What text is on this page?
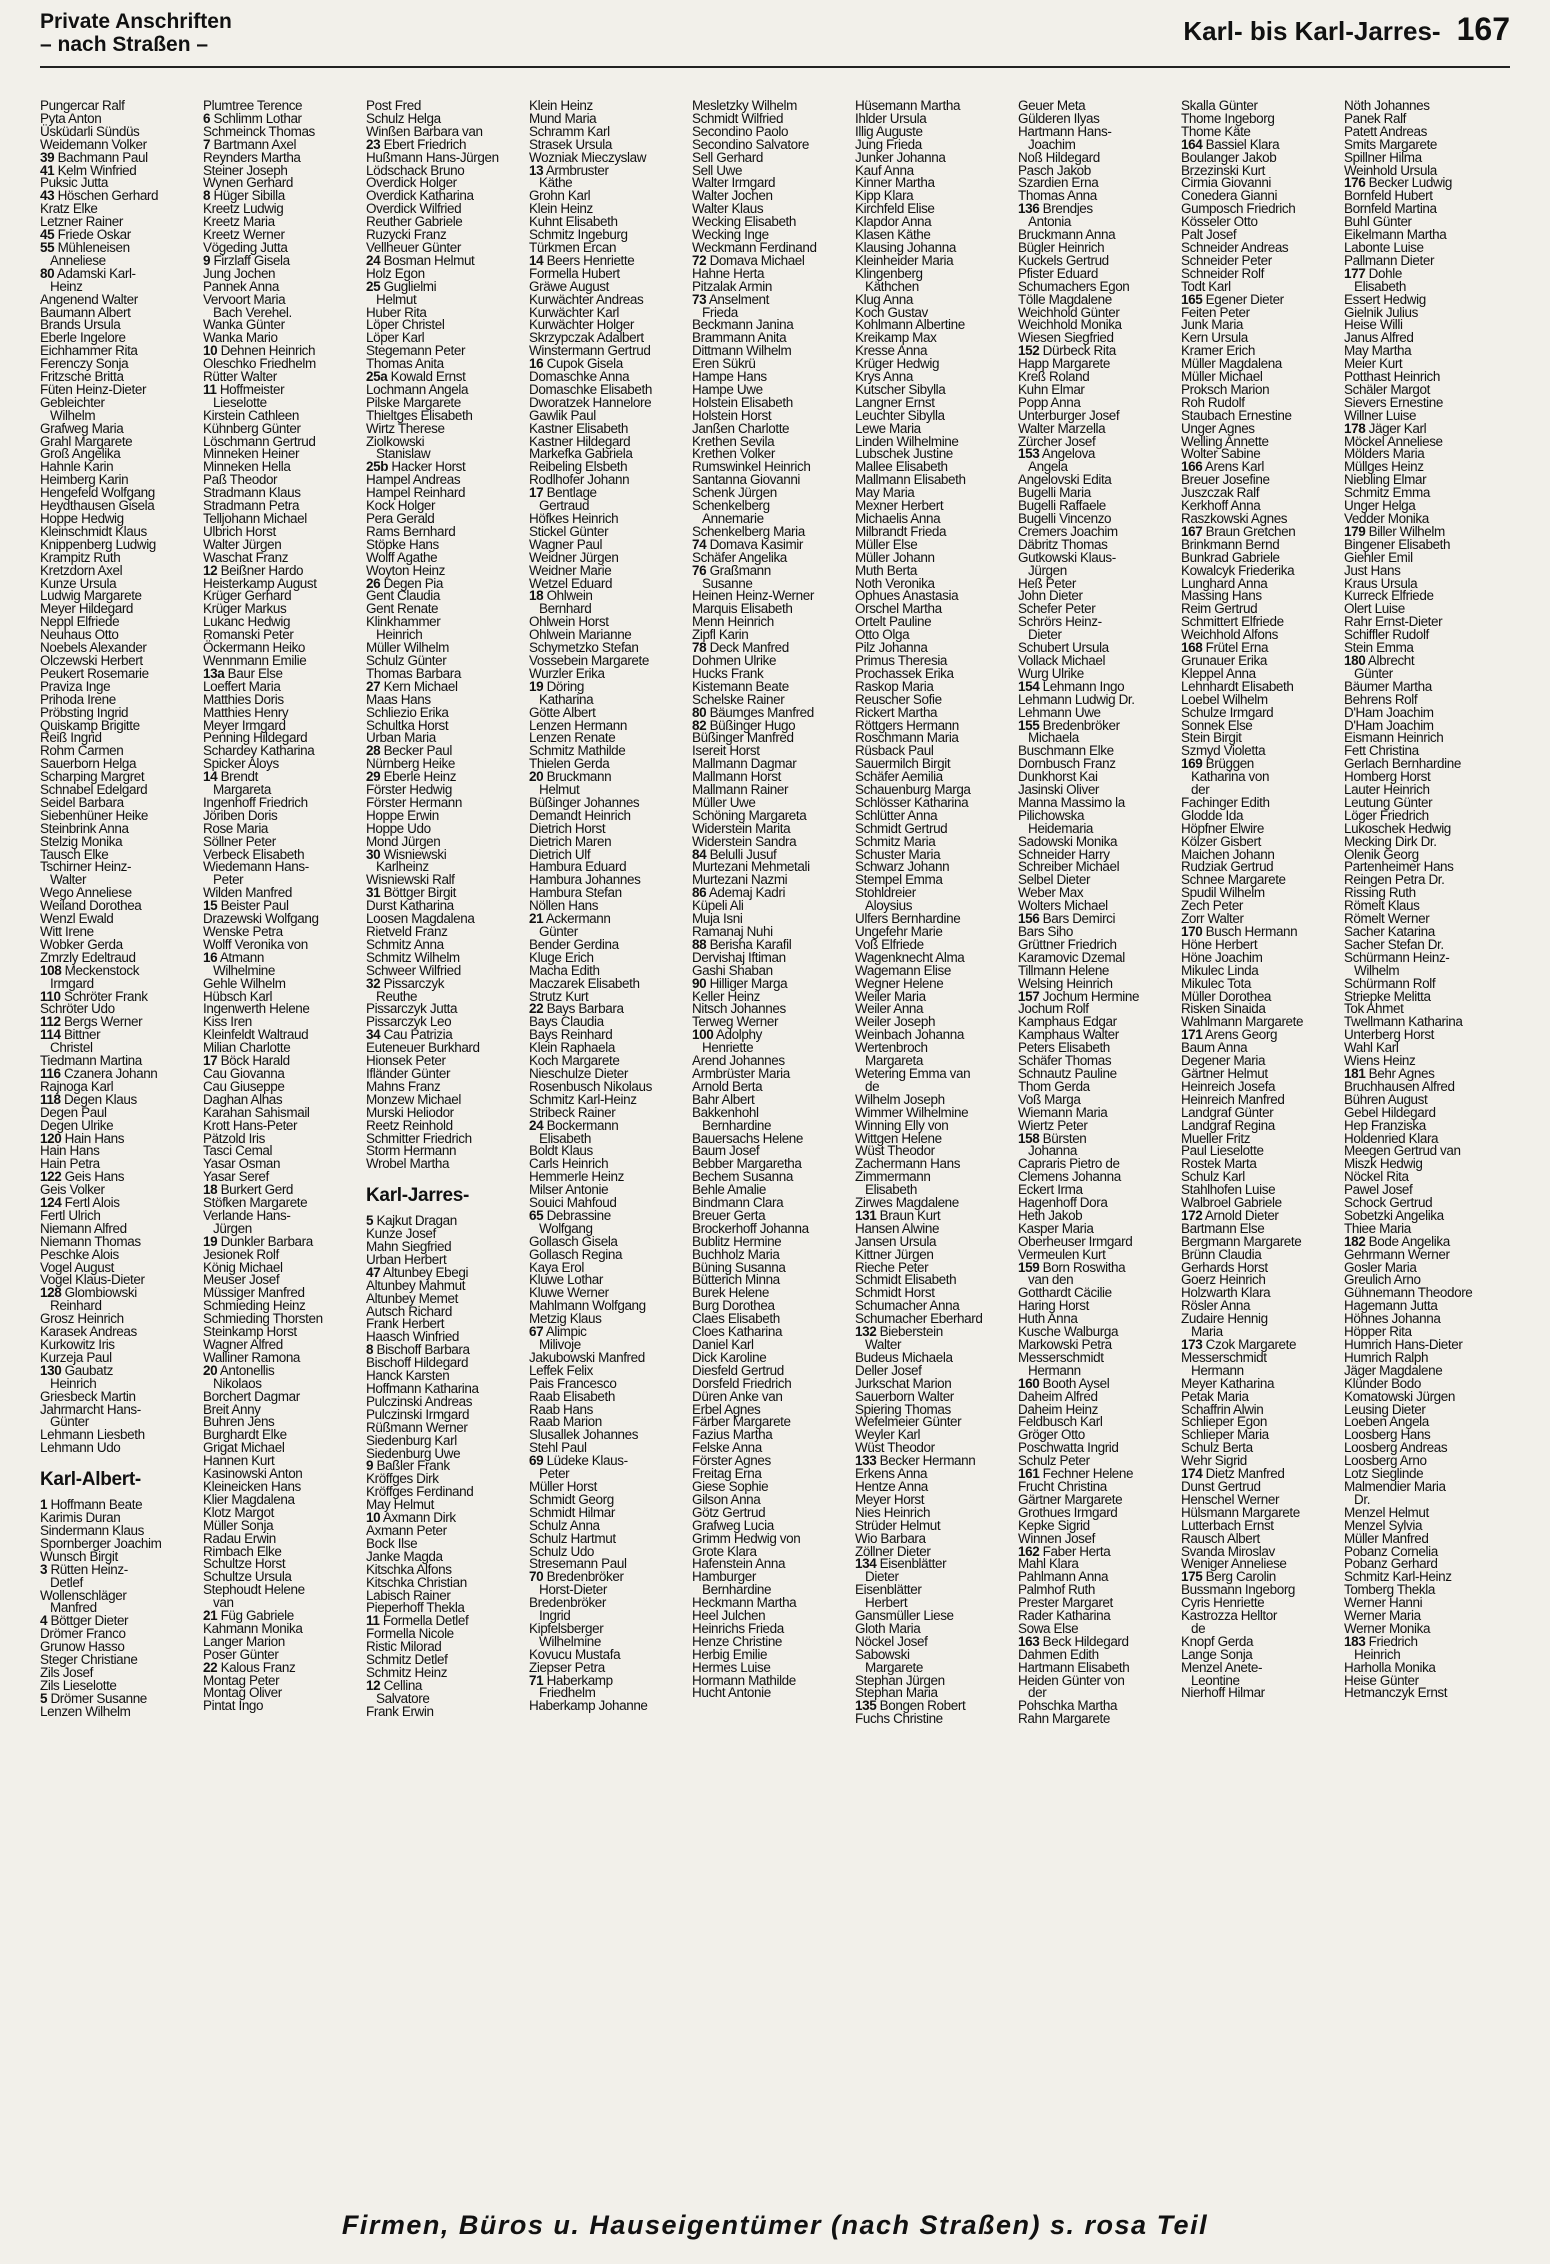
Private Anschriften
– nach Straßen –	Karl- bis Karl-Jarres- 167
Pungercar Ralf
Pyta Anton
Üsküdarli Sündüs
Weidemann Volker
39 Bachmann Paul
41 Kelm Winfried
Puksic Jutta
43 Höschen Gerhard
Kratz Elke
Letzner Rainer
45 Friede Oskar
55 Mühleneisen
Anneliese
80 Adamski Karl-
Heinz
Angenend Walter
Baumann Albert
Brands Ursula
Eberle Ingelore
Eichhammer Rita
Ferenczy Sonja
Fritzsche Britta
Füten Heinz-Dieter
Gebleichter
Wilhelm
Grafweg Maria
Grahl Margarete
Groß Angelika
Hahnle Karin
Heimberg Karin
Hengefeld Wolfgang
Heydthausen Gisela
Hoppe Hedwig
Kleinschmidt Klaus
Knippenberg Ludwig
Krampitz Ruth
Kretzdorn Axel
Kunze Ursula
Ludwig Margarete
Meyer Hildegard
Neppl Elfriede
Neuhaus Otto
Noebels Alexander
Olczewski Herbert
Peukert Rosemarie
Praviza Inge
Prihoda Irene
Pröbsting Ingrid
Quiskamp Brigitte
Reiß Ingrid
Rohm Carmen
Sauerborn Helga
Scharping Margret
Schnabel Edelgard
Seidel Barbara
Siebenhüner Heike
Steinbrink Anna
Stelzig Monika
Tausch Elke
Tschirner Heinz-
Walter
Wego Anneliese
Weiland Dorothea
Wenzl Ewald
Witt Irene
Wobker Gerda
Zmrzly Edeltraud
108 Meckenstock
Irmgard
110 Schröter Frank
Schröter Udo
112 Bergs Werner
114 Bittner
Christel
Tiedmann Martina
116 Czanera Johann
Rajnoga Karl
118 Degen Klaus
Degen Paul
Degen Ulrike
120 Hain Hans
Hain Hans
Hain Petra
122 Geis Hans
Geis Volker
124 Fertl Alois
Fertl Ulrich
Niemann Alfred
Niemann Thomas
Peschke Alois
Vogel August
Vogel Klaus-Dieter
128 Glombiowski
Reinhard
Grosz Heinrich
Karasek Andreas
Kurkowitz Iris
Kurzeja Paul
130 Gaubatz
Heinrich
Griesbeck Martin
Jahrmarcht Hans-
Günter
Lehmann Liesbeth
Lehmann Udo
Karl-Albert-
1 Hoffmann Beate
Karimis Duran
Sindermann Klaus
Spornberger Joachim
Wunsch Birgit
3 Rütten Heinz-
Detlef
Wollenschläger
Manfred
4 Böttger Dieter
Drömer Franco
Grunow Hasso
Steger Christiane
Zils Josef
Zils Lieselotte
5 Drömer Susanne
Lenzen Wilhelm
Plumtree Terence
6 Schlimm Lothar
Schmeinck Thomas
7 Bartmann Axel
Reynders Martha
Steiner Joseph
Wynen Gerhard
8 Hüger Sibilla
Kreetz Ludwig
Kreetz Maria
Kreetz Werner
Vögeding Jutta
9 Firzlaff Gisela
Jung Jochen
Pannek Anna
Vervoort Maria
Bach Verehel.
Wanka Günter
Wanka Mario
10 Dehnen Heinrich
Oleschko Friedhelm
Rütter Walter
11 Hoffmeister
Lieselotte
Kirstein Cathleen
Kühnberg Günter
Löschmann Gertrud
Minneken Heiner
Minneken Hella
Paß Theodor
Stradmann Klaus
Stradmann Petra
Telljohann Michael
Ulbrich Horst
Walter Jürgen
Waschat Franz
12 Beißner Hardo
Heisterkamp August
Krüger Gerhard
Krüger Markus
Lukanc Hedwig
Romanski Peter
Öckermann Heiko
Wennmann Emilie
13a Baur Else
Loeffert Maria
Matthies Doris
Matthies Henry
Meyer Irmgard
Penning Hildegard
Schardey Katharina
Spicker Aloys
14 Brendt
Margareta
Ingenhoff Friedrich
Jöriben Doris
Rose Maria
Söllner Peter
Verbeck Elisabeth
Wiedemann Hans-
Peter
Wilden Manfred
15 Beister Paul
Drazewski Wolfgang
Wenske Petra
Wolff Veronika von
16 Atmann
Wilhelmine
Gehle Wilhelm
Hübsch Karl
Ingenwerth Helene
Kiss Iren
Kleinfeldt Waltraud
Milian Charlotte
17 Böck Harald
Cau Giovanna
Cau Giuseppe
Daghan Alhas
Karahan Sahismail
Krott Hans-Peter
Pätzold Iris
Tasci Cemal
Yasar Osman
Yasar Seref
18 Burkert Gerd
Stöfken Margarete
Verlande Hans-
Jürgen
19 Dunkler Barbara
Jesionek Rolf
König Michael
Meuser Josef
Müssiger Manfred
Schmieding Heinz
Schmieding Thorsten
Steinkamp Horst
Wagner Alfred
Walliner Ramona
20 Antonellis
Nikolaos
Borchert Dagmar
Breit Anny
Buhren Jens
Burghardt Elke
Grigat Michael
Hannen Kurt
Kasinowski Anton
Kleineicken Hans
Klier Magdalena
Klotz Margot
Müller Sonja
Radau Erwin
Rimbach Elke
Schultze Horst
Schultze Ursula
Stephoudt Helene
van
21 Füg Gabriele
Kahmann Monika
Langer Marion
Poser Günter
22 Kalous Franz
Montag Peter
Montag Oliver
Pintat Ingo
Post Fred
Schulz Helga
Winßen Barbara van
23 Ebert Friedrich
Hußmann Hans-Jürgen
Lödschack Bruno
Overdick Holger
Overdick Katharina
Overdick Wilfried
Reuther Gabriele
Ruzycki Franz
Vellheuer Günter
24 Bosman Helmut
Holz Egon
25 Guglielmi
Helmut
Huber Rita
Löper Christel
Löper Karl
Stegemann Peter
Thomas Anita
25a Kowald Ernst
Lochmann Angela
Pilske Margarete
Thieltges Elisabeth
Wirtz Therese
Ziolkowski
Stanislaw
25b Hacker Horst
Hampel Andreas
Hampel Reinhard
Kock Holger
Pera Gerald
Rams Bernhard
Stöpke Hans
Wolff Agathe
Woyton Heinz
26 Degen Pia
Gent Claudia
Gent Renate
Klinkhammer
Heinrich
Müller Wilhelm
Schulz Günter
Thomas Barbara
27 Kern Michael
Maas Hans
Schliezio Erika
Schultka Horst
Urban Maria
28 Becker Paul
Nürnberg Heike
29 Eberle Heinz
Förster Hedwig
Förster Hermann
Hoppe Erwin
Hoppe Udo
Mond Jürgen
30 Wisniewski
Karlheinz
Wisniewski Ralf
31 Böttger Birgit
Durst Katharina
Loosen Magdalena
Rietveld Franz
Schmitz Anna
Schmitz Wilhelm
Schweer Wilfried
32 Pissarczyk
Reuthe
Pissarczyk Jutta
Pissarczyk Leo
34 Cau Patrizia
Euteneuer Burkhard
Hionsek Peter
Ifländer Günter
Mahns Franz
Monzew Michael
Murski Heliodor
Reetz Reinhold
Schmitter Friedrich
Storm Hermann
Wrobel Martha
Karl-Jarres-
5 Kajkut Dragan
Kunze Josef
Mahn Siegfried
Urban Herbert
47 Altunbey Ebegi
Altunbey Mahmut
Altunbey Memet
Autsch Richard
Frank Herbert
Haasch Winfried
8 Bischoff Barbara
Bischoff Hildegard
Hanck Karsten
Hoffmann Katharina
Pulczinski Andreas
Pulczinski Irmgard
Rüßmann Werner
Siedenburg Karl
Siedenburg Uwe
9 Baßler Frank
Kröffges Dirk
Kröffges Ferdinand
May Helmut
10 Axmann Dirk
Axmann Peter
Bock Ilse
Janke Magda
Kitschka Alfons
Kitschka Christian
Labisch Rainer
Pieperhoff Thekla
11 Formella Detlef
Formella Nicole
Ristic Milorad
Schmitz Detlef
Schmitz Heinz
12 Cellina
Salvatore
Frank Erwin
Klein Heinz
Mund Maria
Schramm Karl
Strasek Ursula
Wozniak Mieczyslaw
13 Armbruster
Käthe
Grohn Karl
Klein Heinz
Kuhnt Elisabeth
Schmitz Ingeburg
Türkmen Ercan
14 Beers Henriette
Formella Hubert
Gräwe August
Kurwächter Andreas
Kurwächter Karl
Kurwächter Holger
Skrzypczak Adalbert
Winstermann Gertrud
16 Cupok Gisela
Domaschke Anna
Domaschke Elisabeth
Dworatzek Hannelore
Gawlik Paul
Kastner Elisabeth
Kastner Hildegard
Markefka Gabriela
Reibeling Elsbeth
Rodlhofer Johann
17 Bentlage
Gertraud
Höfkes Heinrich
Stickel Günter
Wagner Paul
Weidner Jürgen
Weidner Marie
Wetzel Eduard
18 Ohlwein
Bernhard
Ohlwein Horst
Ohlwein Marianne
Schymetzko Stefan
Vossebein Margarete
Wurzler Erika
19 Döring
Katharina
Götte Albert
Lenzen Hermann
Lenzen Renate
Schmitz Mathilde
Thielen Gerda
20 Bruckmann
Helmut
Büßinger Johannes
Demandt Heinrich
Dietrich Horst
Dietrich Maren
Dietrich Ulf
Hambura Eduard
Hambura Johannes
Hambura Stefan
Nöllen Hans
21 Ackermann
Günter
Bender Gerdina
Kluge Erich
Macha Edith
Maczarek Elisabeth
Strutz Kurt
22 Bays Barbara
Bays Claudia
Bays Reinhard
Klein Raphaela
Koch Margarete
Nieschulze Dieter
Rosenbusch Nikolaus
Schmitz Karl-Heinz
Stribeck Rainer
24 Bockermann
Elisabeth
Boldt Klaus
Carls Heinrich
Hemmerle Heinz
Milser Antonie
Souici Mahfoud
65 Debrassine
Wolfgang
Gollasch Gisela
Gollasch Regina
Kaya Erol
Kluwe Lothar
Kluwe Werner
Mahlmann Wolfgang
Metzig Klaus
67 Alimpic
Milivoje
Jakubowski Manfred
Leffek Felix
Pais Francesco
Raab Elisabeth
Raab Hans
Raab Marion
Slusallek Johannes
Stehl Paul
69 Lüdeke Klaus-
Peter
Müller Horst
Schmidt Georg
Schmidt Hilmar
Schulz Anna
Schulz Hartmut
Schulz Udo
Stresemann Paul
70 Bredenbröker
Horst-Dieter
Bredenbröker
Ingrid
Kipfelsberger
Wilhelmine
Kovucu Mustafa
Ziepser Petra
71 Haberkamp
Friedhelm
Haberkamp Johanne
Mesletzky Wilhelm
Schmidt Wilfried
Secondino Paolo
Secondino Salvatore
Sell Gerhard
Sell Uwe
Walter Irmgard
Walter Jochen
Walter Klaus
Wecking Elisabeth
Wecking Inge
Weckmann Ferdinand
72 Domava Michael
Hahne Herta
Pitzalak Armin
73 Anselment
Frieda
Beckmann Janina
Brammann Anita
Dittmann Wilhelm
Eren Sükrü
Hampe Hans
Hampe Uwe
Holstein Elisabeth
Holstein Horst
Janßen Charlotte
Krethen Sevila
Krethen Volker
Rumswinkel Heinrich
Santanna Giovanni
Schenk Jürgen
Schenkelberg
Annemarie
Schenkelberg Maria
74 Domava Kasimir
Schäfer Angelika
76 Graßmann
Susanne
Heinen Heinz-Werner
Marquis Elisabeth
Menn Heinrich
Zipfl Karin
78 Deck Manfred
Dohmen Ulrike
Hucks Frank
Kistemann Beate
Schelske Rainer
80 Bäumges Manfred
82 Büßinger Hugo
Büßinger Manfred
Isereit Horst
Mallmann Dagmar
Mallmann Horst
Mallmann Rainer
Müller Uwe
Schöning Margareta
Widerstein Marita
Widerstein Sandra
84 Belulli Jusuf
Murtezani Mehmetali
Murtezani Nazmi
86 Ademaj Kadri
Küpeli Ali
Muja Isni
Ramanaj Nuhi
88 Berisha Karafil
Dervishaj Iftiman
Gashi Shaban
90 Hilliger Marga
Keller Heinz
Nitsch Johannes
Terweg Werner
100 Adolphy
Henriette
Arend Johannes
Armbrüster Maria
Arnold Berta
Bahr Albert
Bakkenhohl
Bernhardine
Bauersachs Helene
Baum Josef
Bebber Margaretha
Bechem Susanna
Behle Amalie
Bindmann Clara
Breuer Gerta
Brockerhoff Johanna
Bublitz Hermine
Buchholz Maria
Büning Susanna
Bütterich Minna
Burek Helene
Burg Dorothea
Claes Elisabeth
Cloes Katharina
Daniel Karl
Dick Karoline
Diesfeld Gertrud
Dorsfeld Friedrich
Düren Anke van
Erbel Agnes
Färber Margarete
Fazius Martha
Felske Anna
Förster Agnes
Freitag Erna
Giese Sophie
Gilson Anna
Götz Gertrud
Grafweg Lucia
Grimm Hedwig von
Grote Klara
Hafenstein Anna
Hamburger
Bernhardine
Heckmann Martha
Heel Julchen
Heinrichs Frieda
Henze Christine
Herbig Emilie
Hermes Luise
Hormann Mathilde
Hucht Antonie
Hüsemann Martha
Ihlder Ursula
Illig Auguste
Jung Frieda
Junker Johanna
Kauf Anna
Kinner Martha
Kipp Klara
Kirchfeld Elise
Klapdor Anna
Klasen Käthe
Klausing Johanna
Kleinheider Maria
Klingenberg
Käthchen
Klug Anna
Koch Gustav
Kohlmann Albertine
Kreikamp Max
Kresse Anna
Krüger Hedwig
Krys Anna
Kutscher Sibylla
Langner Ernst
Leuchter Sibylla
Lewe Maria
Linden Wilhelmine
Lubschek Justine
Mallee Elisabeth
Mallmann Elisabeth
May Maria
Mexner Herbert
Michaelis Anna
Milbrandt Frieda
Müller Else
Müller Johann
Muth Berta
Noth Veronika
Ophues Anastasia
Orschel Martha
Ortelt Pauline
Otto Olga
Pilz Johanna
Primus Theresia
Prochassek Erika
Raskop Maria
Reuscher Sofie
Rickert Martha
Röttgers Hermann
Roschmann Maria
Rüsback Paul
Sauermilch Birgit
Schäfer Aemilia
Schauenburg Marga
Schlösser Katharina
Schlütter Anna
Schmidt Gertrud
Schmitz Maria
Schuster Maria
Schwarz Johann
Stempel Emma
Stohldreier
Aloysius
Ulfers Bernhardine
Ungefehr Marie
Voß Elfriede
Wagenknecht Alma
Wagemann Elise
Wegner Helene
Weiler Maria
Weiler Anna
Weiler Joseph
Weinbach Johanna
Wertenbroch
Margareta
Wetering Emma van
de
Wilhelm Joseph
Wimmer Wilhelmine
Winning Elly von
Wittgen Helene
Wüst Theodor
Zachermann Hans
Zimmermann
Elisabeth
Zirwes Magdalene
131 Braun Kurt
Hansen Alwine
Jansen Ursula
Kittner Jürgen
Rieche Peter
Schmidt Elisabeth
Schmidt Horst
Schumacher Anna
Schumacher Eberhard
132 Bieberstein
Walter
Budeus Michaela
Deller Josef
Jurkschat Marion
Sauerborn Walter
Spiering Thomas
Wefelmeier Günter
Weyler Karl
Wüst Theodor
133 Becker Hermann
Erkens Anna
Hentze Anna
Meyer Horst
Nies Heinrich
Strüder Helmut
Wio Barbara
Zöllner Dieter
134 Eisenblätter
Dieter
Eisenblätter
Herbert
Gansmüller Liese
Gloth Maria
Nöckel Josef
Sabowski
Margarete
Stephan Jürgen
Stephan Maria
135 Bongen Robert
Fuchs Christine
Geuer Meta
Gülderen Ilyas
Hartmann Hans-
Joachim
Noß Hildegard
Pasch Jakob
Szardien Erna
Thomas Anna
136 Brendjes
Antonia
Bruckmann Anna
Bügler Heinrich
Kuckels Gertrud
Pfister Eduard
Schumachers Egon
Tölle Magdalene
Weichhold Günter
Weichhold Monika
Wiesen Siegfried
152 Dürbeck Rita
Happ Margarete
Kreß Roland
Kuhn Elmar
Popp Anna
Unterburger Josef
Walter Marzella
Zürcher Josef
153 Angelova
Angela
Angelovski Edita
Bugelli Maria
Bugelli Raffaele
Bugelli Vincenzo
Cremers Joachim
Däbritz Thomas
Gutkowski Klaus-
Jürgen
Heß Peter
John Dieter
Schefer Peter
Schrörs Heinz-
Dieter
Schubert Ursula
Vollack Michael
Wurg Ulrike
154 Lehmann Ingo
Lehmann Ludwig Dr.
Lehmann Uwe
155 Bredenbröker
Michaela
Buschmann Elke
Dornbusch Franz
Dunkhorst Kai
Jasinski Oliver
Manna Massimo la
Pilichowska
Heidemaria
Sadowski Monika
Schneider Harry
Schreiber Michael
Selbel Dieter
Weber Max
Wolters Michael
156 Bars Demirci
Bars Siho
Grüttner Friedrich
Karamovic Dzemal
Tillmann Helene
Welsing Heinrich
157 Jochum Hermine
Jochum Rolf
Kamphaus Edgar
Kamphaus Walter
Peters Elisabeth
Schäfer Thomas
Schnautz Pauline
Thom Gerda
Voß Marga
Wiemann Maria
Wiertz Peter
158 Bürsten
Johanna
Capraris Pietro de
Clemens Johanna
Eckert Irma
Hagenhoff Dora
Heth Jakob
Kasper Maria
Oberheuser Irmgard
Vermeulen Kurt
159 Born Roswitha
van den
Gotthardt Cäcilie
Haring Horst
Huth Anna
Kusche Walburga
Markowski Petra
Messerschmidt
Hermann
160 Booth Aysel
Daheim Alfred
Daheim Heinz
Feldbusch Karl
Gröger Otto
Poschwatta Ingrid
Schulz Peter
161 Fechner Helene
Frucht Christina
Gärtner Margarete
Grothues Irmgard
Kepke Sigrid
Winnen Josef
162 Faber Herta
Mahl Klara
Pahlmann Anna
Palmhof Ruth
Prester Margaret
Rader Katharina
Sowa Else
163 Beck Hildegard
Dahmen Edith
Hartmann Elisabeth
Heiden Günter von
der
Pohschka Martha
Rahn Margarete
Skalla Günter
Thome Ingeborg
Thome Käte
164 Bassiel Klara
Boulanger Jakob
Brzezinski Kurt
Cirmia Giovanni
Conedera Gianni
Gumposch Friedrich
Kösseler Otto
Palt Josef
Schneider Andreas
Schneider Peter
Schneider Rolf
Todt Karl
165 Egener Dieter
Feiten Peter
Junk Maria
Kern Ursula
Kramer Erich
Müller Magdalena
Müller Michael
Proksch Marion
Roh Rudolf
Staubach Ernestine
Unger Agnes
Welling Annette
Wolter Sabine
166 Arens Karl
Breuer Josefine
Juszczak Ralf
Kerkhoff Anna
Raszkowski Agnes
167 Braun Gretchen
Brinkmann Bernd
Bunkrad Gabriele
Kowalcyk Friederika
Lunghard Anna
Massing Hans
Reim Gertrud
Schmittert Elfriede
Weichhold Alfons
168 Frütel Erna
Grunauer Erika
Kleppel Anna
Lehnhardt Elisabeth
Loebel Wilhelm
Schulze Irmgard
Sonnek Else
Stein Birgit
Szmyd Violetta
169 Brüggen
Katharina von
der
Fachinger Edith
Glodde Ida
Höpfner Elwire
Kölzer Gisbert
Maichen Johann
Rudziak Gertrud
Schnee Margarete
Spudil Wilhelm
Zech Peter
Zorr Walter
170 Busch Hermann
Höne Herbert
Höne Joachim
Mikulec Linda
Mikulec Tota
Müller Dorothea
Risken Sinaida
Wahlmann Margarete
171 Arens Georg
Baum Anna
Degener Maria
Gärtner Helmut
Heinreich Josefa
Heinreich Manfred
Landgraf Günter
Landgraf Regina
Mueller Fritz
Paul Lieselotte
Rostek Marta
Schulz Karl
Stahlhofen Luise
Walbroel Gabriele
172 Arnold Dieter
Bartmann Else
Bergmann Margarete
Brünn Claudia
Gerhards Horst
Goerz Heinrich
Holzwarth Klara
Rösler Anna
Zudaire Hennig
Maria
173 Czok Margarete
Messerschmidt
Hermann
Meyer Katharina
Petak Maria
Schaffrin Alwin
Schlieper Egon
Schlieper Maria
Schulz Berta
Wehr Sigrid
174 Dietz Manfred
Dunst Gertrud
Henschel Werner
Hülsmann Margarete
Lutterbach Ernst
Rausch Albert
Svanda Miroslav
Weniger Anneliese
175 Berg Carolin
Bussmann Ingeborg
Cyris Henriette
Kastrozza Helltor
de
Knopf Gerda
Lange Sonja
Menzel Anete-
Leontine
Nierhoff Hilmar
Nöth Johannes
Panek Ralf
Patett Andreas
Smits Margarete
Spillner Hilma
Weinhold Ursula
176 Becker Ludwig
Bornfeld Hubert
Bornfeld Martina
Buhl Günter
Eikelmann Martha
Labonte Luise
Pallmann Dieter
177 Dohle
Elisabeth
Essert Hedwig
Gielnik Julius
Heise Willi
Janus Alfred
May Martha
Meier Kurt
Potthast Heinrich
Schäler Margot
Sievers Ernestine
Willner Luise
178 Jäger Karl
Möckel Anneliese
Mölders Maria
Müllges Heinz
Niebling Elmar
Schmitz Emma
Unger Helga
Vedder Monika
179 Biller Wilhelm
Bingener Elisabeth
Giehler Emil
Just Hans
Kraus Ursula
Kurreck Elfriede
Olert Luise
Rahr Ernst-Dieter
Schiffler Rudolf
Stein Emma
180 Albrecht
Günter
Bäumer Martha
Behrens Rolf
D'Ham Joachim
D'Ham Joachim
Eismann Heinrich
Fett Christina
Gerlach Bernhardine
Homberg Horst
Lauter Heinrich
Leutung Günter
Löger Friedrich
Lukoschek Hedwig
Mecking Dirk Dr.
Olenik Georg
Partenheimer Hans
Reingen Petra Dr.
Rissing Ruth
Römelt Klaus
Römelt Werner
Sacher Katarina
Sacher Stefan Dr.
Schürmann Heinz-
Wilhelm
Schürmann Rolf
Striepke Melitta
Tok Ahmet
Twellmann Katharina
Unterberg Horst
Wahl Karl
Wiens Heinz
181 Behr Agnes
Bruchhausen Alfred
Bühren August
Gebel Hildegard
Hep Franziska
Holdenried Klara
Meegen Gertrud van
Miszk Hedwig
Nöckel Rita
Pawel Josef
Schock Gertrud
Sobetzki Angelika
Thiee Maria
182 Bode Angelika
Gehrmann Werner
Gosler Maria
Greulich Arno
Gühnemann Theodore
Hagemann Jutta
Höhnes Johanna
Höpper Rita
Humrich Hans-Dieter
Humrich Ralph
Jäger Magdalene
Klünder Bodo
Komatowski Jürgen
Leusing Dieter
Loeben Angela
Loosberg Hans
Loosberg Andreas
Loosberg Arno
Lotz Sieglinde
Malmendier Maria
Dr.
Menzel Helmut
Menzel Sylvia
Müller Manfred
Pobanz Cornelia
Pobanz Gerhard
Schmitz Karl-Heinz
Tomberg Thekla
Werner Hanni
Werner Maria
Werner Monika
183 Friedrich
Heinrich
Harholla Monika
Heise Günter
Hetmanczyk Ernst
Firmen, Büros u. Hauseigentümer (nach Straßen) s. rosa Teil
